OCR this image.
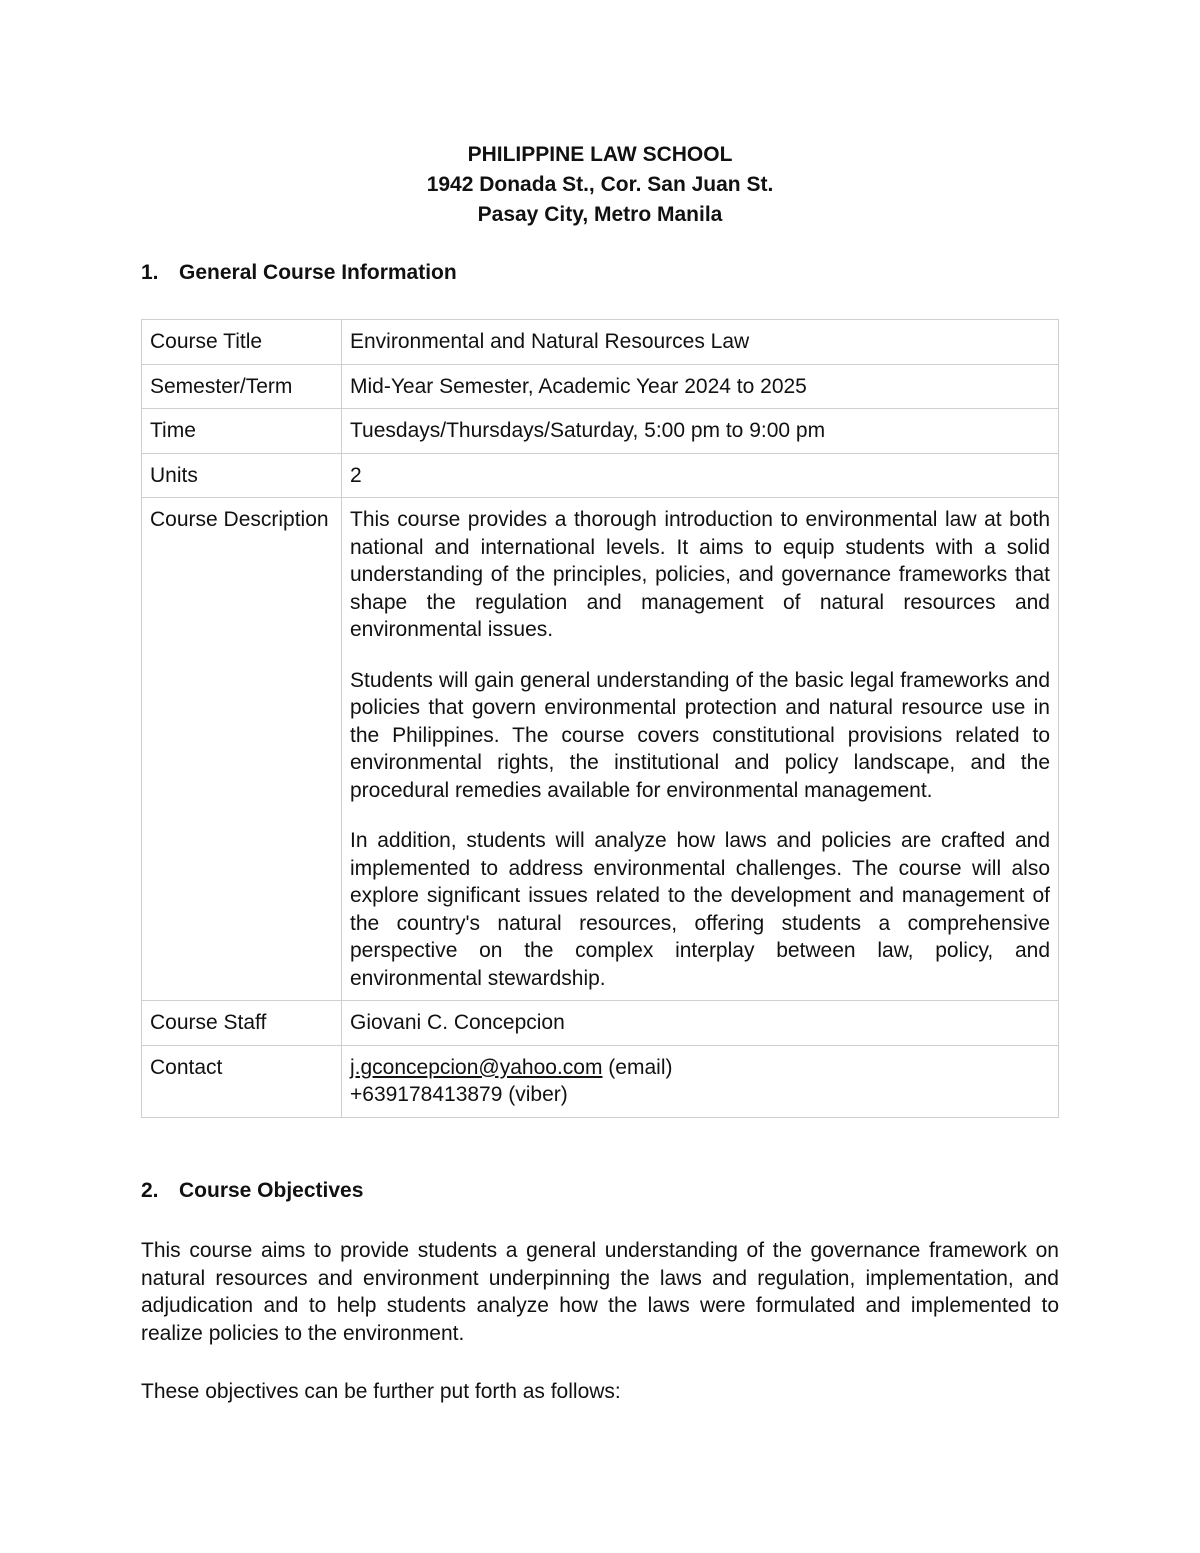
PHILIPPINE LAW SCHOOL
1942 Donada St., Cor. San Juan St.
Pasay City, Metro Manila
1. General Course Information
Course Title	Environmental and Natural Resources Law
Semester/Term	Mid-Year Semester, Academic Year 2024 to 2025
Time	Tuesdays/Thursdays/Saturday, 5:00 pm to 9:00 pm
Units	2
Course Description	This course provides a thorough introduction to environmental law at both national and international levels. It aims to equip students with a solid understanding of the principles, policies, and governance frameworks that shape the regulation and management of natural resources and environmental issues.

Students will gain general understanding of the basic legal frameworks and policies that govern environmental protection and natural resource use in the Philippines. The course covers constitutional provisions related to environmental rights, the institutional and policy landscape, and the procedural remedies available for environmental management.

In addition, students will analyze how laws and policies are crafted and implemented to address environmental challenges. The course will also explore significant issues related to the development and management of the country's natural resources, offering students a comprehensive perspective on the complex interplay between law, policy, and environmental stewardship.

Course Staff	Giovani C. Concepcion
Contact	j.gconcepcion@yahoo.com (email)
+639178413879 (viber)
2. Course Objectives

This course aims to provide students a general understanding of the governance framework on natural resources and environment underpinning the laws and regulation, implementation, and adjudication and to help students analyze how the laws were formulated and implemented to realize policies to the environment.

These objectives can be further put forth as follows:
